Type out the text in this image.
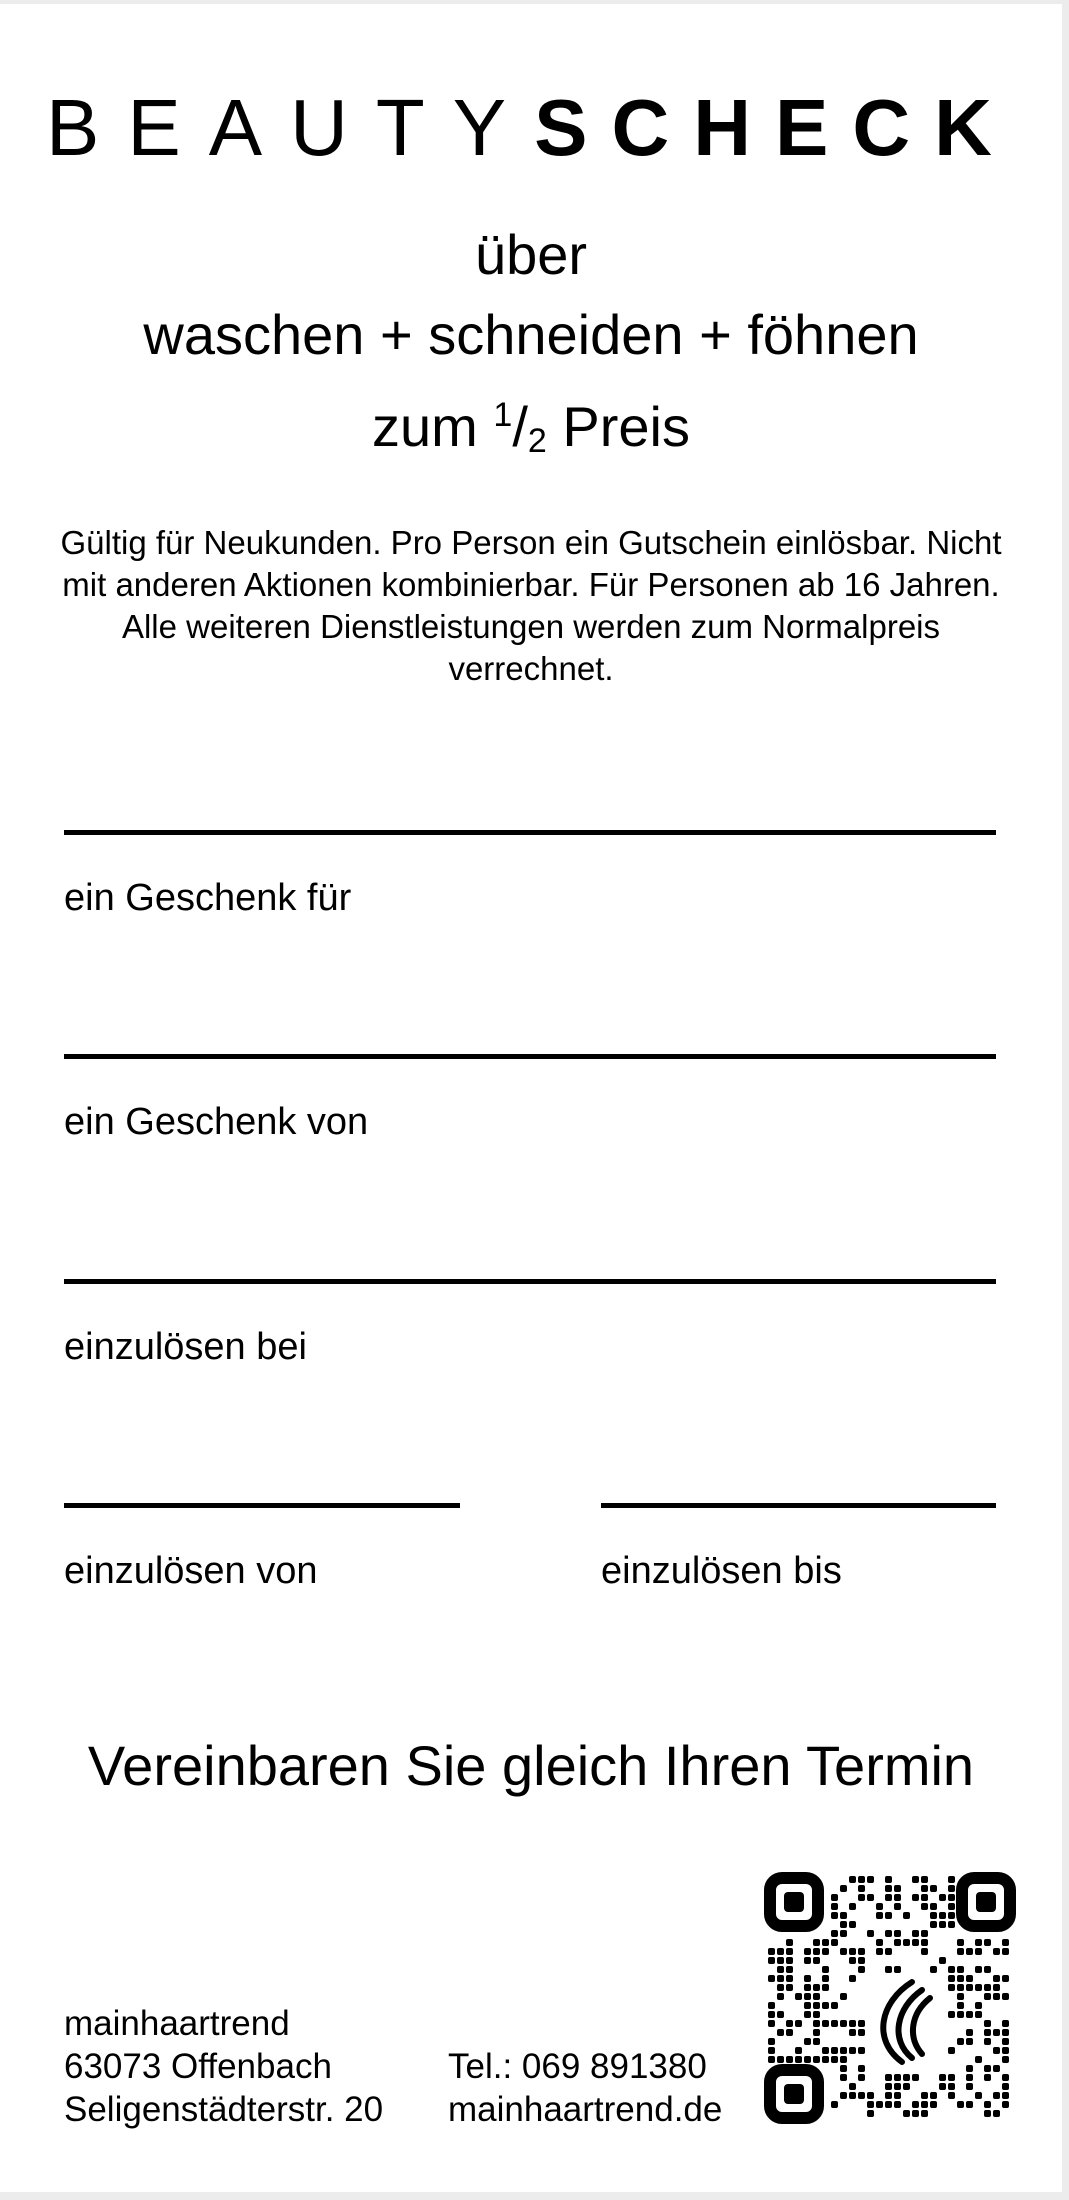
BEAUTYSCHECK
über
waschen + schneiden + föhnen
zum $^1$/2 Preis
Gültig für Neukunden. Pro Person ein Gutschein einlösbar. Nicht mit anderen Aktionen kombinierbar. Für Personen ab 16 Jahren. Alle weiteren Dienstleistungen werden zum Normalpreis verrechnet.
ein Geschenk für
ein Geschenk von
einzulösen bei
einzulösen von	einzulösen bis
Vereinbaren Sie gleich Ihren Termin
mainhaartrend
63073 Offenbach
Seligenstädterstr. 20
Tel.: 069 891380
mainhaartrend.de
